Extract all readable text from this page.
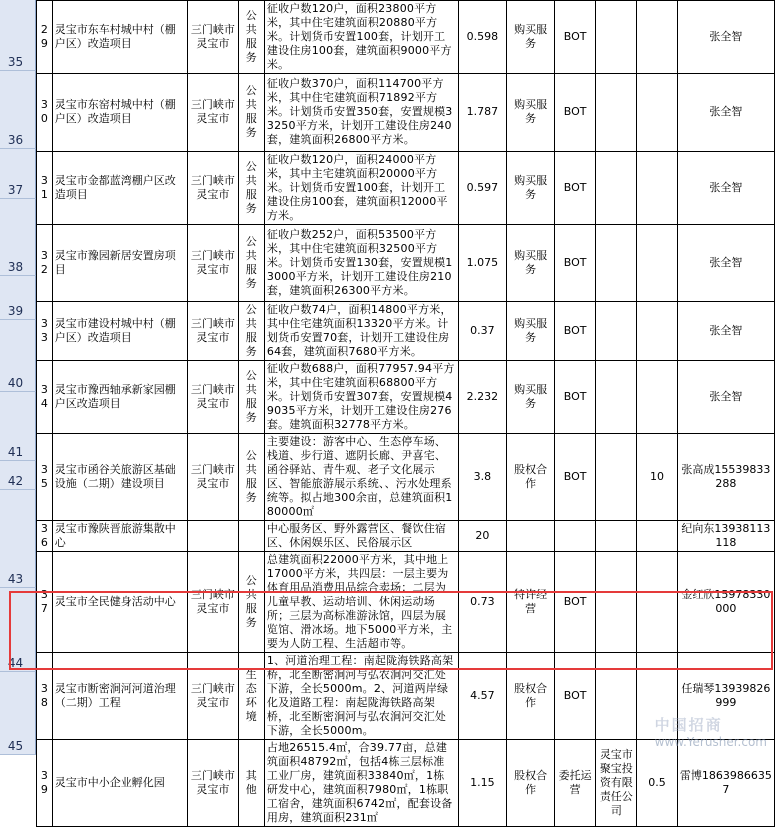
35
36
37
38
39
40
41
42
43
44
45

29	灵宝市东车村城中村（棚户区）改造项目	三门峡市灵宝市	公共服务	征收户数120户，面积23800平方米，其中住宅建筑面积20880平方米。计划货币安置100套，计划开工建设住房100套，建筑面积9000平方米。	0.598	购买服务	BOT			张全智
30	灵宝市东窑村城中村（棚户区）改造项目	三门峡市灵宝市	公共服务	征收户数370户，面积114700平方米，其中住宅建筑面积71892平方米。计划货币安置350套，安置规模33250平方米，计划开工建设住房240套，建筑面积26800平方米。	1.787	购买服务	BOT			张全智
31	灵宝市金都蓝湾棚户区改造项目	三门峡市灵宝市	公共服务	征收户数120户，面积24000平方米，其中主宅建筑面积20000平方米。计划货币安置100套，计划开工建设住房100套，建筑面积12000平方米。	0.597	购买服务	BOT			张全智
32	灵宝市豫园新居安置房项目	三门峡市灵宝市	公共服务	征收户数252户，面积53500平方米，其中住宅建筑面积32500平方米。计划货币安置130套，安置规模13000平方米，计划开工建设住房210套，建筑面积26300平方米。	1.075	购买服务	BOT			张全智
33	灵宝市建设村城中村（棚户区）改造项目	三门峡市灵宝市	公共服务	征收户数74户，面积14800平方米，其中住宅建筑面积13320平方米。计划货币安置70套，计划开工建设住房64套，建筑面积7680平方米。	0.37	购买服务	BOT			张全智
34	灵宝市豫西轴承新家园棚户区改造项目	三门峡市灵宝市	公共服务	征收户数688户，面积77957.94平方米，其中住宅建筑面积68800平方米。计划货币安置307套，安置规模49035平方米，计划开工建设住房276套。建筑面积32778平方米。	2.232	购买服务	BOT			张全智
35	灵宝市函谷关旅游区基础设施（二期）建设项目	三门峡市灵宝市	公共服务	主要建设：游客中心、生态停车场、栈道、步行道、遮阴长廊、尹喜宅、函谷驿站、青牛观、老子文化展示区、智能旅游展示系统、、污水处理系统等。拟占地300余亩，总建筑面积180000㎡	3.8	股权合作	BOT		10	张高成15539833288
36	灵宝市豫陕晋旅游集散中心			中心服务区、野外露营区、餐饮住宿区、休闲娱乐区、民俗展示区	20					纪向东13938113118
37	灵宝市全民健身活动中心	三门峡市灵宝市	公共服务	总建筑面积22000平方米，其中地上17000平方米，共四层：一层主要为体育用品消费用品综合卖场；二层为儿童早教、运动培训、休闲运动场所；三层为高标准游泳馆，四层为展览馆、滑冰场。地下5000平方米，主要为人防工程、生活超市等。	0.73	特许经营	BOT			金红欣15978330000
38	灵宝市断密涧河河道治理（二期）工程	三门峡市灵宝市	生态环境	1、河道治理工程：南起陇海铁路高架桥，北至断密涧河与弘农涧河交汇处下游，全长5000m。2、河道两岸绿化及道路工程：南起陇海铁路高架桥，北至断密涧河与弘农涧河交汇处下游，全长5000m。	4.57	股权合作	BOT			任瑞琴13939826999
39	灵宝市中小企业孵化园	三门峡市灵宝市	其他	占地26515.4㎡，合39.77亩，总建筑面积48792㎡，包括4栋三层标准工业厂房，建筑面积33840㎡，1栋研发中心，建筑面积7980㎡，1栋职工宿舍，建筑面积6742㎡，配套设备用房，建筑面积231㎡	1.15	股权合作	委托运营	灵宝市聚宝投资有限责任公司	0.5	雷博18639866357
中国招商
www.Yerusher.com
